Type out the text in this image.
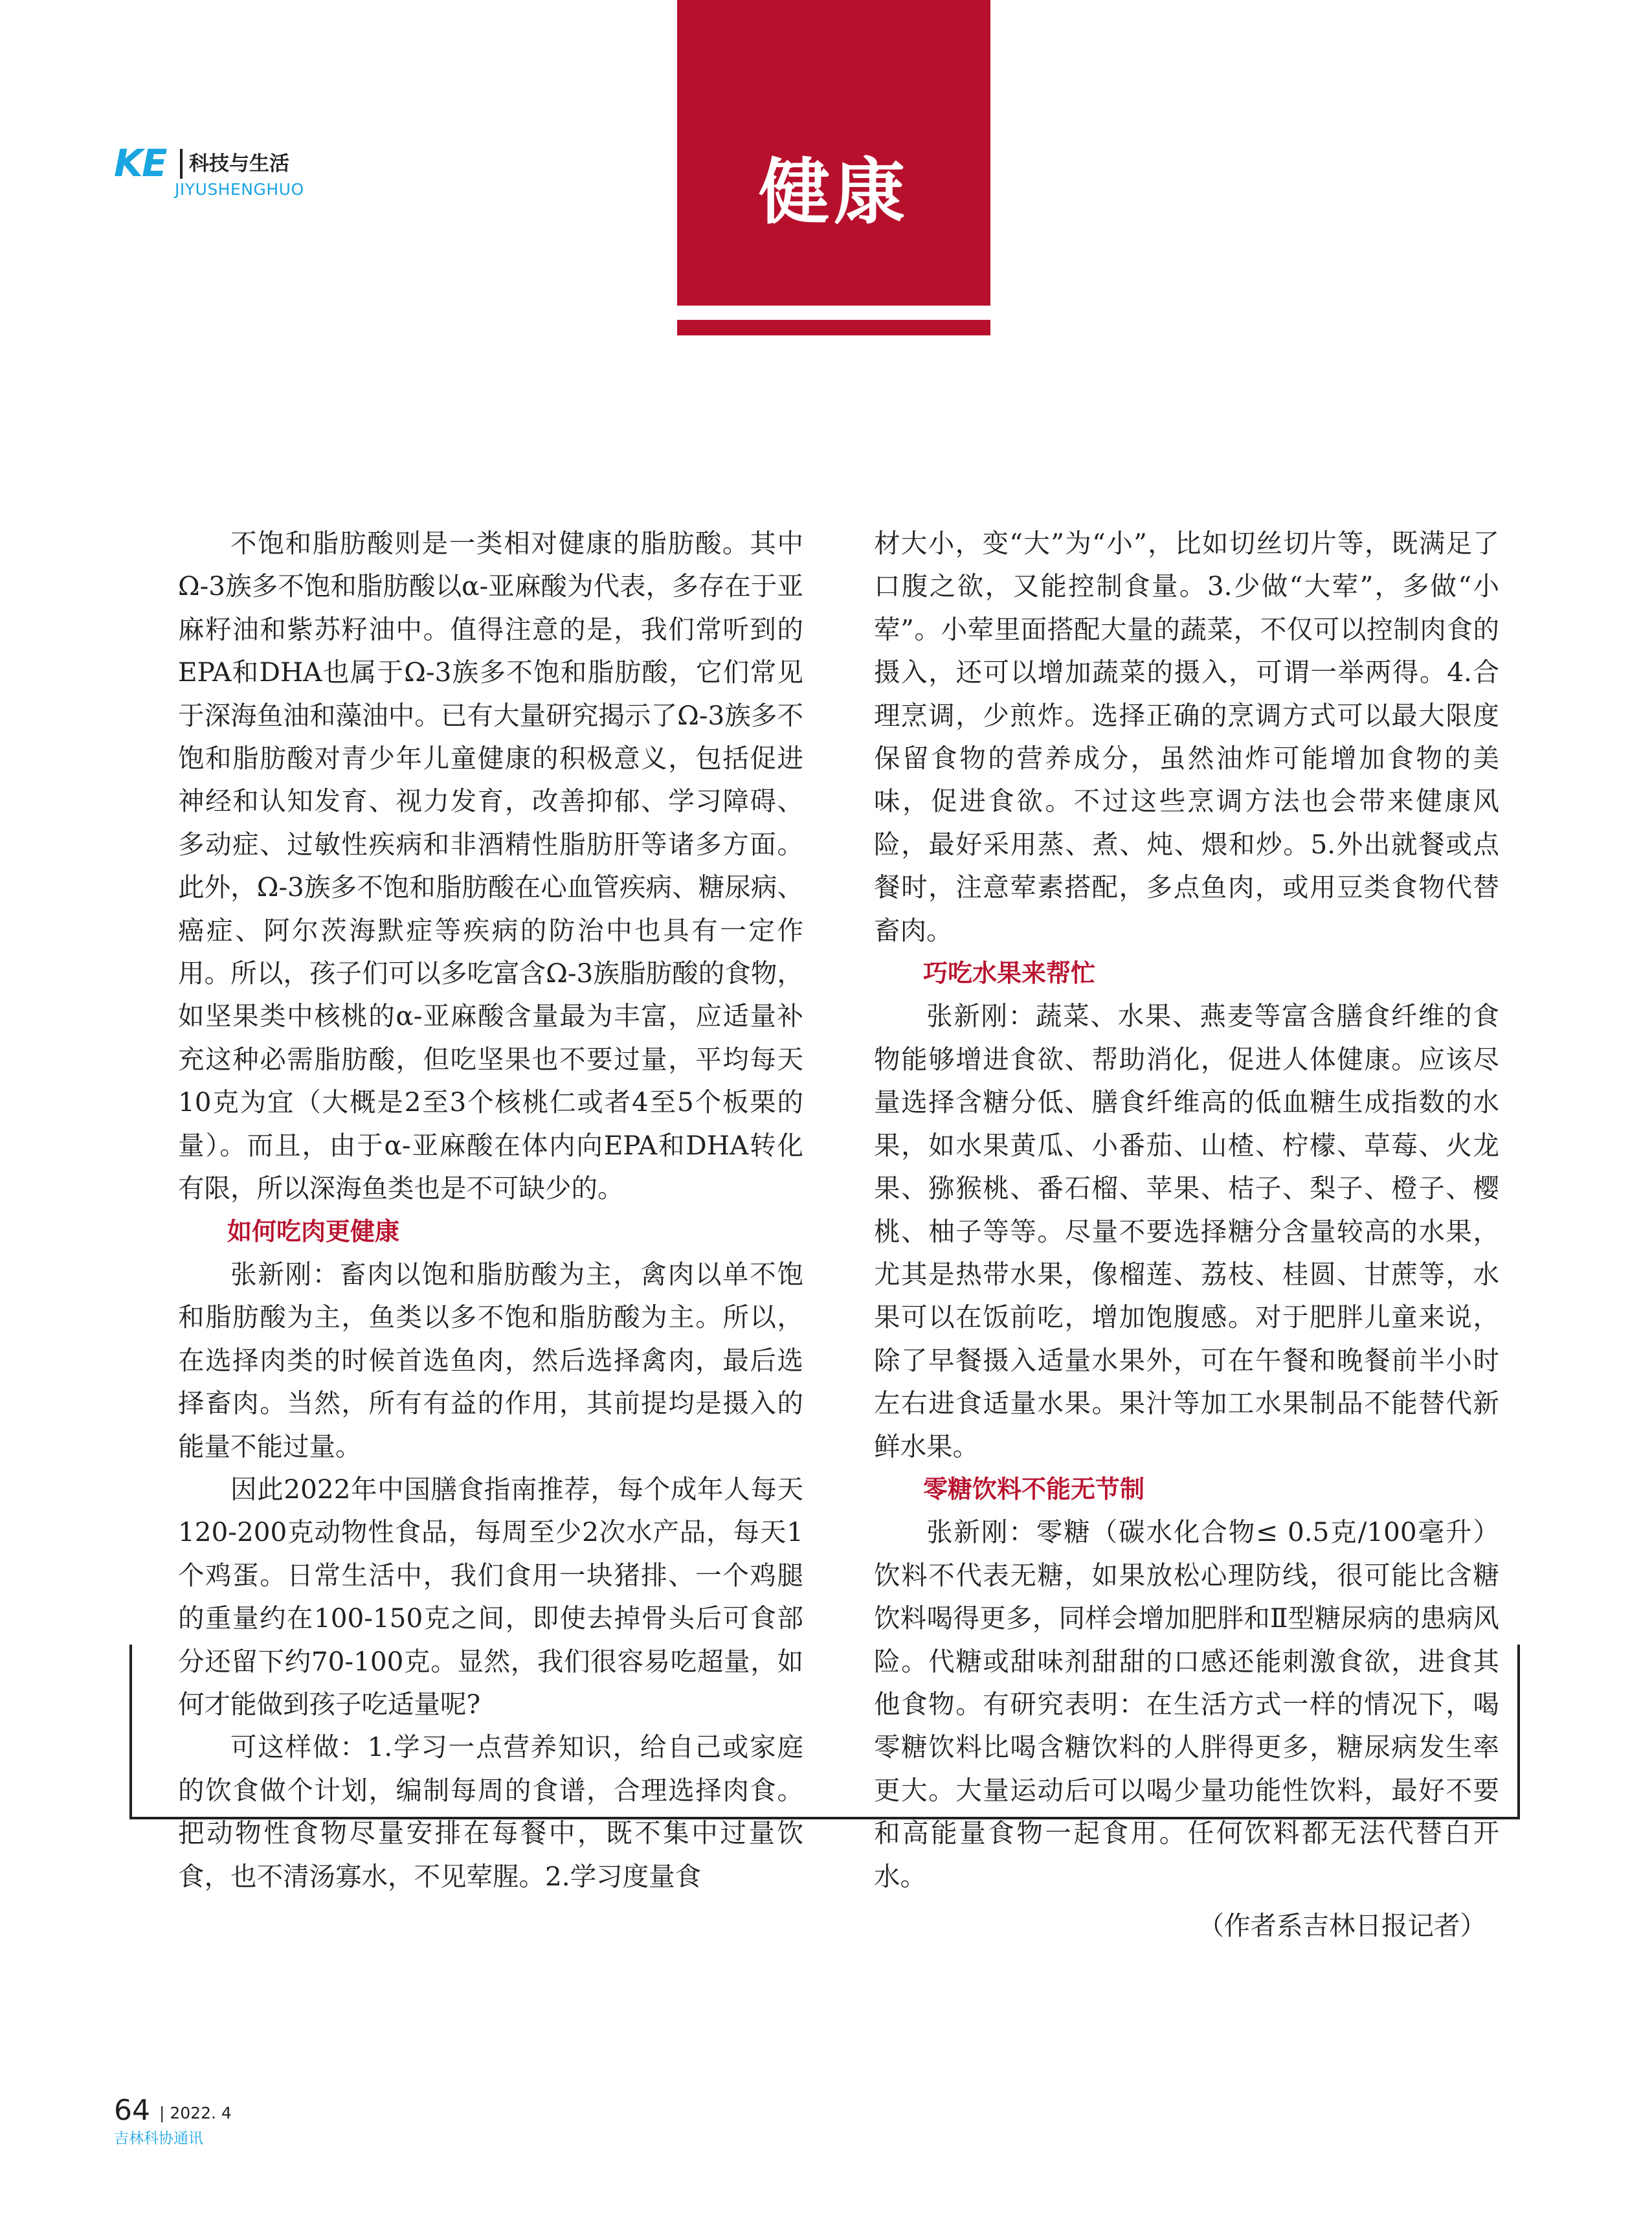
KE 科技与生活
JIYUSHENGHUO	健康

不饱和脂肪酸则是一类相对健康的脂肪酸。其中Ω-3族多不饱和脂肪酸以α-亚麻酸为代表，多存在于亚麻籽油和紫苏籽油中。值得注意的是，我们常听到的EPA和DHA也属于Ω-3族多不饱和脂肪酸，它们常见于深海鱼油和藻油中。已有大量研究揭示了Ω-3族多不饱和脂肪酸对青少年儿童健康的积极意义，包括促进神经和认知发育、视力发育，改善抑郁、学习障碍、多动症、过敏性疾病和非酒精性脂肪肝等诸多方面。此外，Ω-3族多不饱和脂肪酸在心血管疾病、糖尿病、癌症、阿尔茨海默症等疾病的防治中也具有一定作用。所以，孩子们可以多吃富含Ω-3族脂肪酸的食物，如坚果类中核桃的α-亚麻酸含量最为丰富，应适量补充这种必需脂肪酸，但吃坚果也不要过量，平均每天10克为宜（大概是2至3个核桃仁或者4至5个板栗的量）。而且，由于α-亚麻酸在体内向EPA和DHA转化有限，所以深海鱼类也是不可缺少的。

如何吃肉更健康

张新刚：畜肉以饱和脂肪酸为主，禽肉以单不饱和脂肪酸为主，鱼类以多不饱和脂肪酸为主。所以，在选择肉类的时候首选鱼肉，然后选择禽肉，最后选择畜肉。当然，所有有益的作用，其前提均是摄入的能量不能过量。

因此2022年中国膳食指南推荐，每个成年人每天120-200克动物性食品，每周至少2次水产品，每天1个鸡蛋。日常生活中，我们食用一块猪排、一个鸡腿的重量约在100-150克之间，即使去掉骨头后可食部分还留下约70-100克。显然，我们很容易吃超量，如何才能做到孩子吃适量呢?

可这样做：1.学习一点营养知识，给自己或家庭的饮食做个计划，编制每周的食谱，合理选择肉食。把动物性食物尽量安排在每餐中，既不集中过量饮食，也不清汤寡水，不见荤腥。2.学习度量食

材大小，变“大”为“小”，比如切丝切片等，既满足了口腹之欲，又能控制食量。3.少做“大荤”，多做“小荤”。小荤里面搭配大量的蔬菜，不仅可以控制肉食的摄入，还可以增加蔬菜的摄入，可谓一举两得。4.合理烹调，少煎炸。选择正确的烹调方式可以最大限度保留食物的营养成分，虽然油炸可能增加食物的美味，促进食欲。不过这些烹调方法也会带来健康风险，最好采用蒸、煮、炖、煨和炒。5.外出就餐或点餐时，注意荤素搭配，多点鱼肉，或用豆类食物代替畜肉。

巧吃水果来帮忙

张新刚：蔬菜、水果、燕麦等富含膳食纤维的食物能够增进食欲、帮助消化，促进人体健康。应该尽量选择含糖分低、膳食纤维高的低血糖生成指数的水果，如水果黄瓜、小番茄、山楂、柠檬、草莓、火龙果、猕猴桃、番石榴、苹果、桔子、梨子、橙子、樱桃、柚子等等。尽量不要选择糖分含量较高的水果，尤其是热带水果，像榴莲、荔枝、桂圆、甘蔗等，水果可以在饭前吃，增加饱腹感。对于肥胖儿童来说，除了早餐摄入适量水果外，可在午餐和晚餐前半小时左右进食适量水果。果汁等加工水果制品不能替代新鲜水果。

零糖饮料不能无节制

张新刚：零糖（碳水化合物≤ 0.5克/100毫升）饮料不代表无糖，如果放松心理防线，很可能比含糖饮料喝得更多，同样会增加肥胖和Ⅱ型糖尿病的患病风险。代糖或甜味剂甜甜的口感还能刺激食欲，进食其他食物。有研究表明：在生活方式一样的情况下，喝零糖饮料比喝含糖饮料的人胖得更多，糖尿病发生率更大。大量运动后可以喝少量功能性饮料，最好不要和高能量食物一起食用。任何饮料都无法代替白开水。

（作者系吉林日报记者）

64 | 2022. 4
吉林科协通讯
